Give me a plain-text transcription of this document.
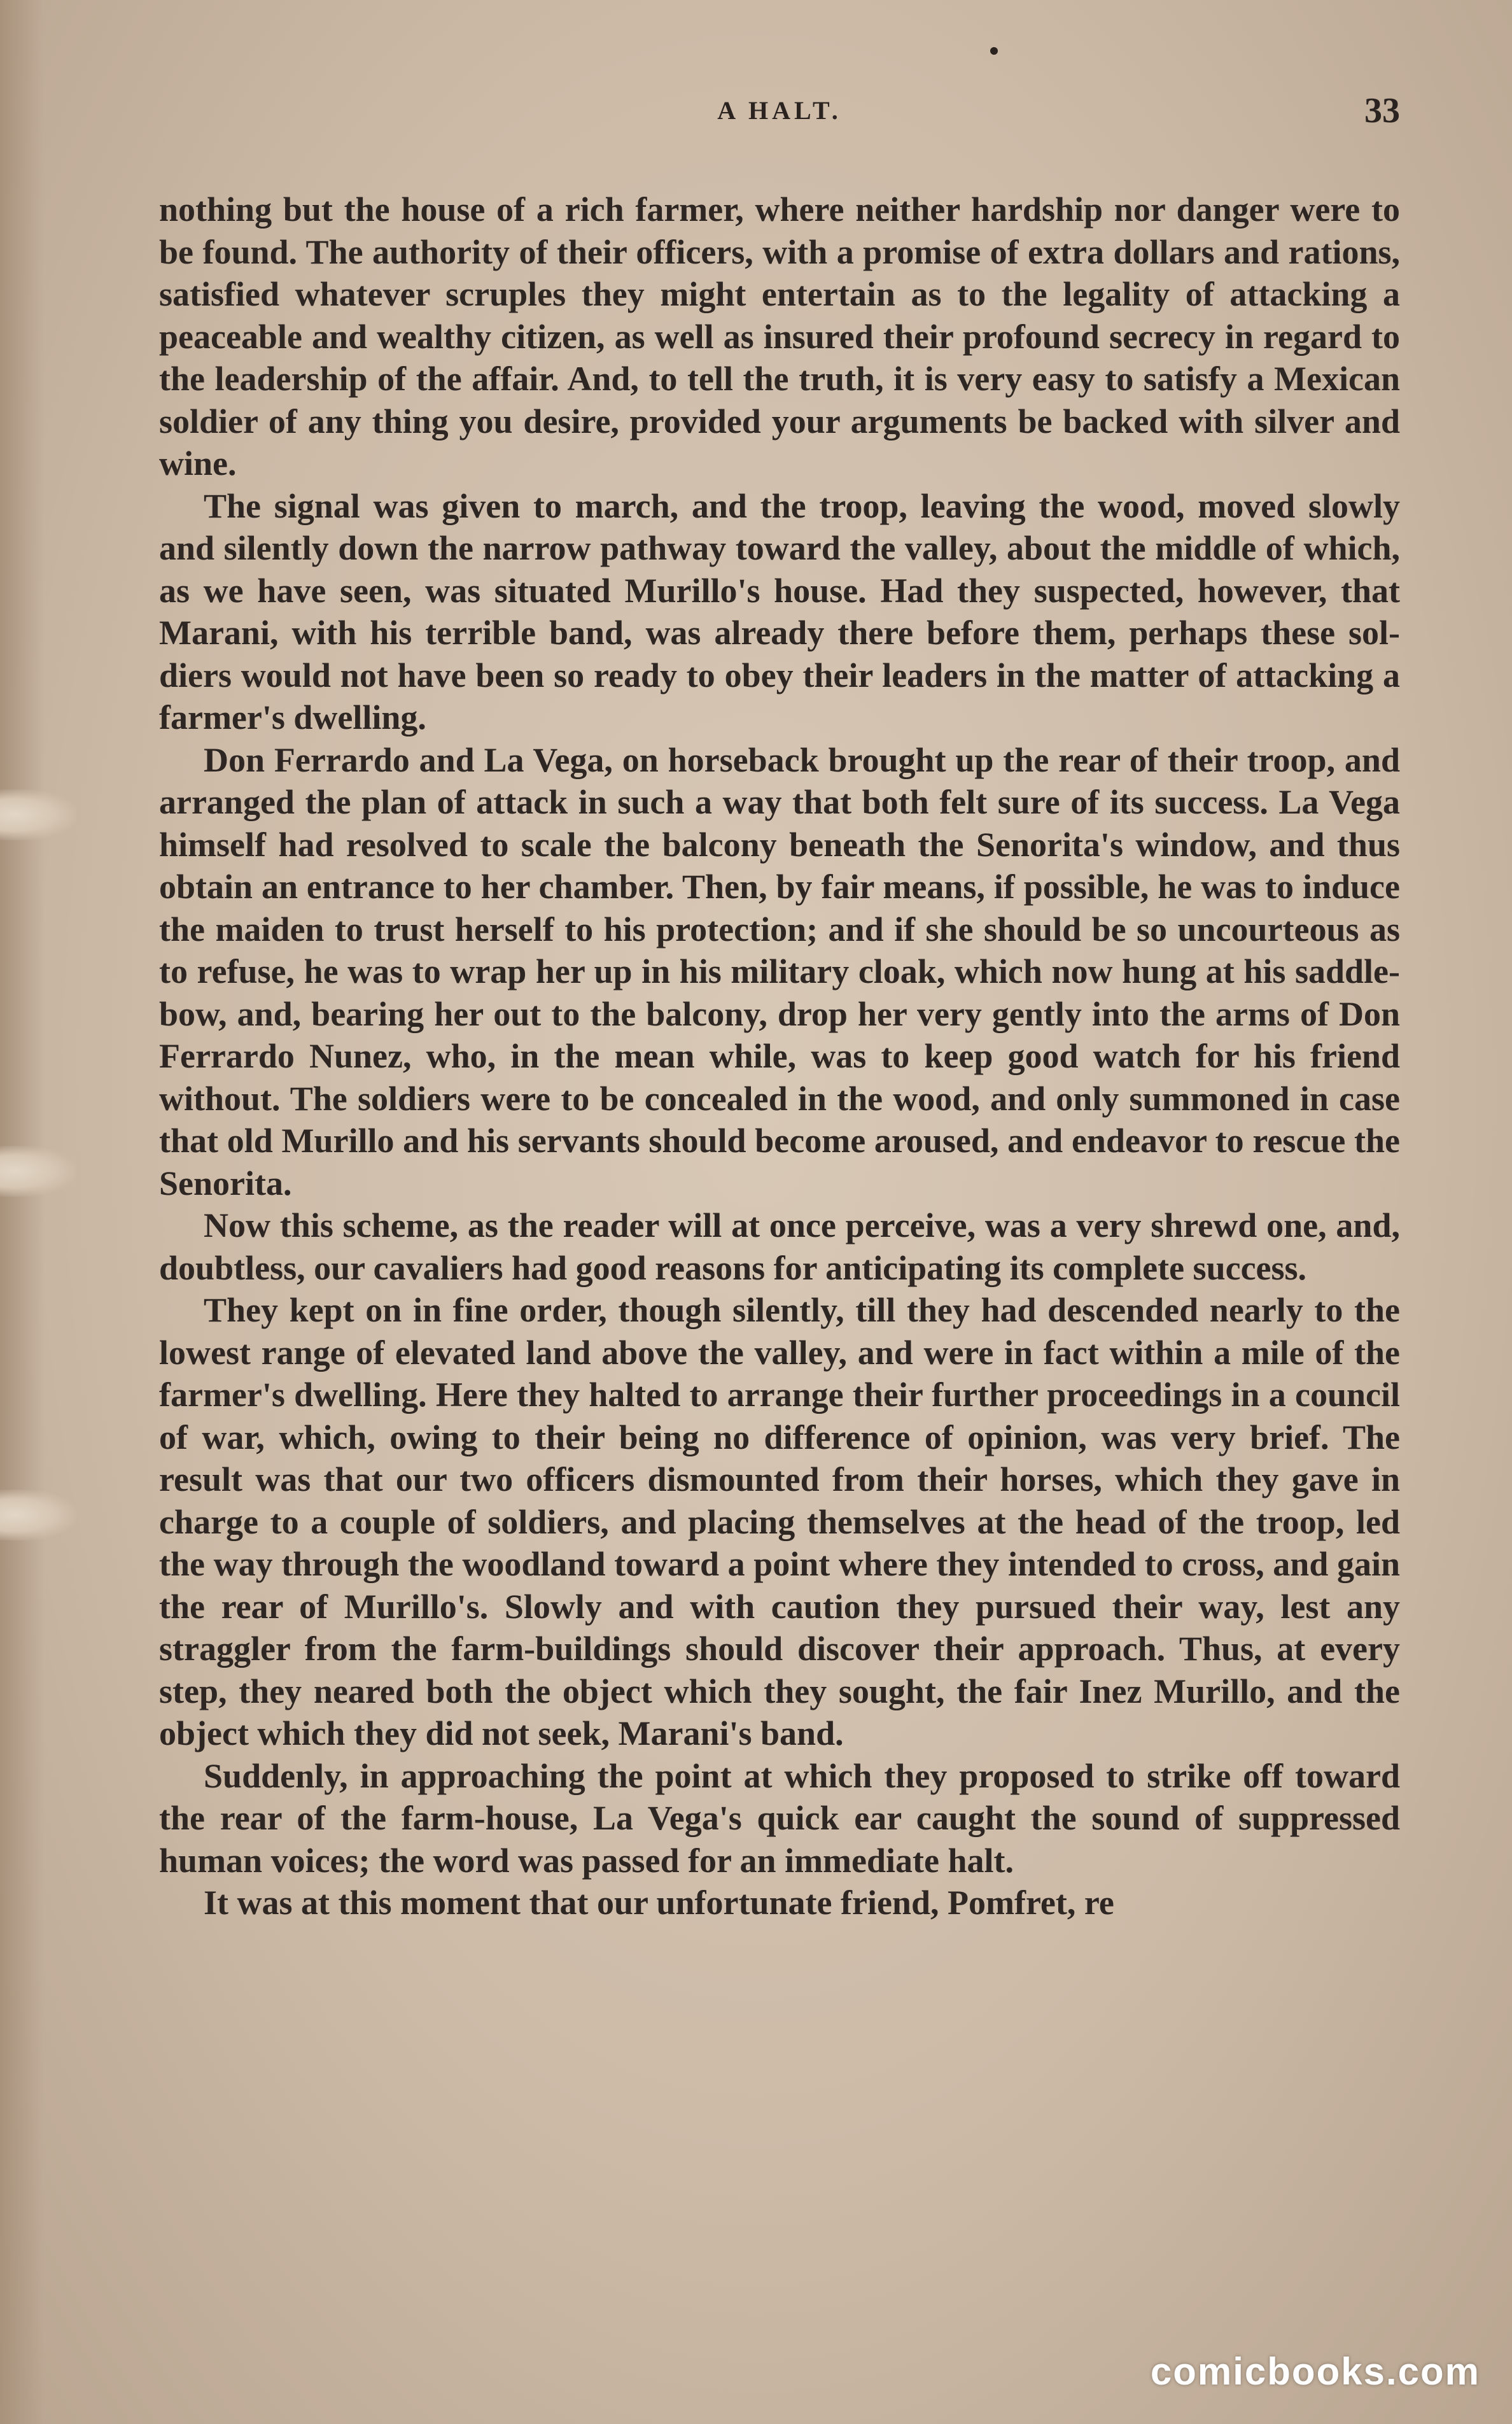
A HALT.	33

nothing but the house of a rich farmer, where neither hardship nor danger were to be found. The authority of their officers, with a promise of extra dollars and rations, satisfied whatever scruples they might entertain as to the legality of attacking a peaceable and wealthy citizen, as well as insured their profound secrecy in regard to the leadership of the affair. And, to tell the truth, it is very easy to satisfy a Mexican soldier of any thing you desire, provided your arguments be backed with silver and wine.

The signal was given to march, and the troop, leaving the wood, moved slowly and silently down the narrow pathway toward the valley, about the middle of which, as we have seen, was situated Murillo's house. Had they suspected, however, that Marani, with his terrible band, was already there before them, perhaps these soldiers would not have been so ready to obey their leaders in the matter of attacking a farmer's dwelling.

Don Ferrardo and La Vega, on horseback brought up the rear of their troop, and arranged the plan of attack in such a way that both felt sure of its success. La Vega himself had resolved to scale the balcony beneath the Senorita's window, and thus obtain an entrance to her chamber. Then, by fair means, if possible, he was to induce the maiden to trust herself to his protection; and if she should be so uncourteous as to refuse, he was to wrap her up in his military cloak, which now hung at his saddle-bow, and, bearing her out to the balcony, drop her very gently into the arms of Don Ferrardo Nunez, who, in the mean while, was to keep good watch for his friend without. The soldiers were to be concealed in the wood, and only summoned in case that old Murillo and his servants should become aroused, and endeavor to rescue the Senorita.

Now this scheme, as the reader will at once perceive, was a very shrewd one, and, doubtless, our cavaliers had good reasons for anticipating its complete success.

They kept on in fine order, though silently, till they had descended nearly to the lowest range of elevated land above the valley, and were in fact within a mile of the farmer's dwelling. Here they halted to arrange their further proceedings in a council of war, which, owing to their being no difference of opinion, was very brief. The result was that our two officers dismounted from their horses, which they gave in charge to a couple of soldiers, and placing themselves at the head of the troop, led the way through the woodland toward a point where they intended to cross, and gain the rear of Murillo's. Slowly and with caution they pursued their way, lest any straggler from the farm-buildings should discover their approach. Thus, at every step, they neared both the object which they sought, the fair Inez Murillo, and the object which they did not seek, Marani's band.

Suddenly, in approaching the point at which they proposed to strike off toward the rear of the farm-house, La Vega's quick ear caught the sound of suppressed human voices; the word was passed for an immediate halt.

It was at this moment that our unfortunate friend, Pomfret, re

comicbooks.com
